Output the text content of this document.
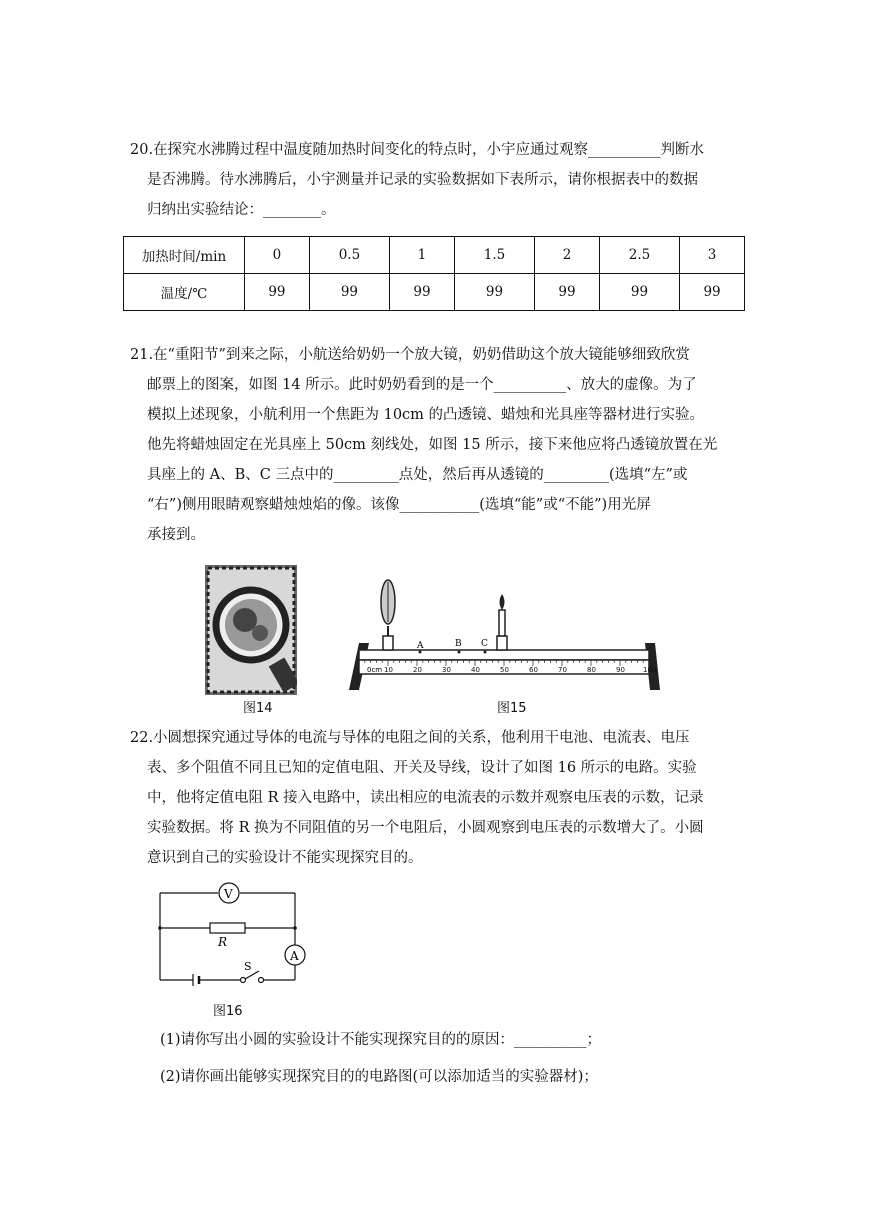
20.在探究水沸腾过程中温度随加热时间变化的特点时，小宇应通过观察__________判断水

是否沸腾。待水沸腾后，小宇测量并记录的实验数据如下表所示，请你根据表中的数据

归纳出实验结论：________。

加热时间/min	0	0.5	1	1.5	2	2.5	3
温度/℃	99	99	99	99	99	99	99

21.在“重阳节”到来之际，小航送给奶奶一个放大镜，奶奶借助这个放大镜能够细致欣赏

邮票上的图案，如图 14 所示。此时奶奶看到的是一个__________、放大的虚像。为了

模拟上述现象，小航利用一个焦距为 10cm 的凸透镜、蜡烛和光具座等器材进行实验。

他先将蜡烛固定在光具座上 50cm 刻线处，如图 15 所示，接下来他应将凸透镜放置在光

具座上的 A、B、C 三点中的_________点处，然后再从透镜的_________(选填“左”或

“右”)侧用眼睛观察蜡烛烛焰的像。该像___________(选填“能”或“不能”)用光屏

承接到。

图14
10	20	30	40	50	60	70	80	90	100
0cm
A	B C
图15

22.小圆想探究通过导体的电流与导体的电阻之间的关系，他利用干电池、电流表、电压

表、多个阻值不同且已知的定值电阻、开关及导线，设计了如图 16 所示的电路。实验

中，他将定值电阻 R 接入电路中，读出相应的电流表的示数并观察电压表的示数，记录

实验数据。将 R 换为不同阻值的另一个电阻后，小圆观察到电压表的示数增大了。小圆

意识到自己的实验设计不能实现探究目的。

V
A
R
S
图16
(1)请你写出小圆的实验设计不能实现探究目的的原因：__________；
(2)请你画出能够实现探究目的的电路图(可以添加适当的实验器材)；
